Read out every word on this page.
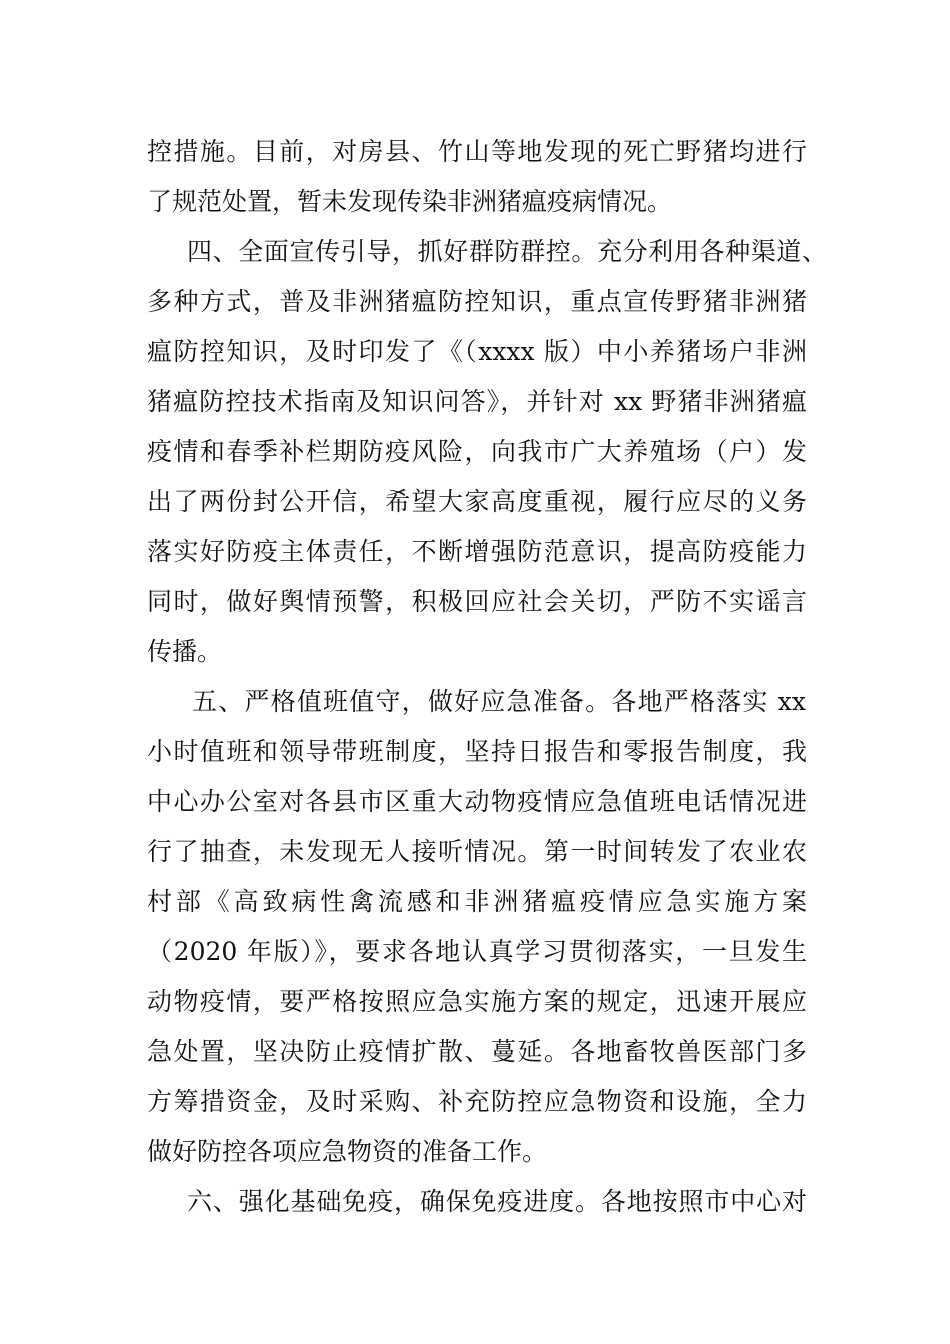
控措施。目前，对房县、竹山等地发现的死亡野猪均进行

了规范处置，暂未发现传染非洲猪瘟疫病情况。

四、全面宣传引导，抓好群防群控。充分利用各种渠道、

多种方式，普及非洲猪瘟防控知识，重点宣传野猪非洲猪

瘟防控知识，及时印发了《（xxxx 版）中小养猪场户非洲

猪瘟防控技术指南及知识问答》，并针对 xx 野猪非洲猪瘟

疫情和春季补栏期防疫风险，向我市广大养殖场（户）发

出了两份封公开信，希望大家高度重视，履行应尽的义务

落实好防疫主体责任，不断增强防范意识，提高防疫能力

同时，做好舆情预警，积极回应社会关切，严防不实谣言

传播。

五、严格值班值守，做好应急准备。各地严格落实 xx

小时值班和领导带班制度，坚持日报告和零报告制度，我

中心办公室对各县市区重大动物疫情应急值班电话情况进

行了抽查，未发现无人接听情况。第一时间转发了农业农

村部《高致病性禽流感和非洲猪瘟疫情应急实施方案

（2020 年版）》，要求各地认真学习贯彻落实，一旦发生

动物疫情，要严格按照应急实施方案的规定，迅速开展应

急处置，坚决防止疫情扩散、蔓延。各地畜牧兽医部门多

方筹措资金，及时采购、补充防控应急物资和设施，全力

做好防控各项应急物资的准备工作。

六、强化基础免疫，确保免疫进度。各地按照市中心对
